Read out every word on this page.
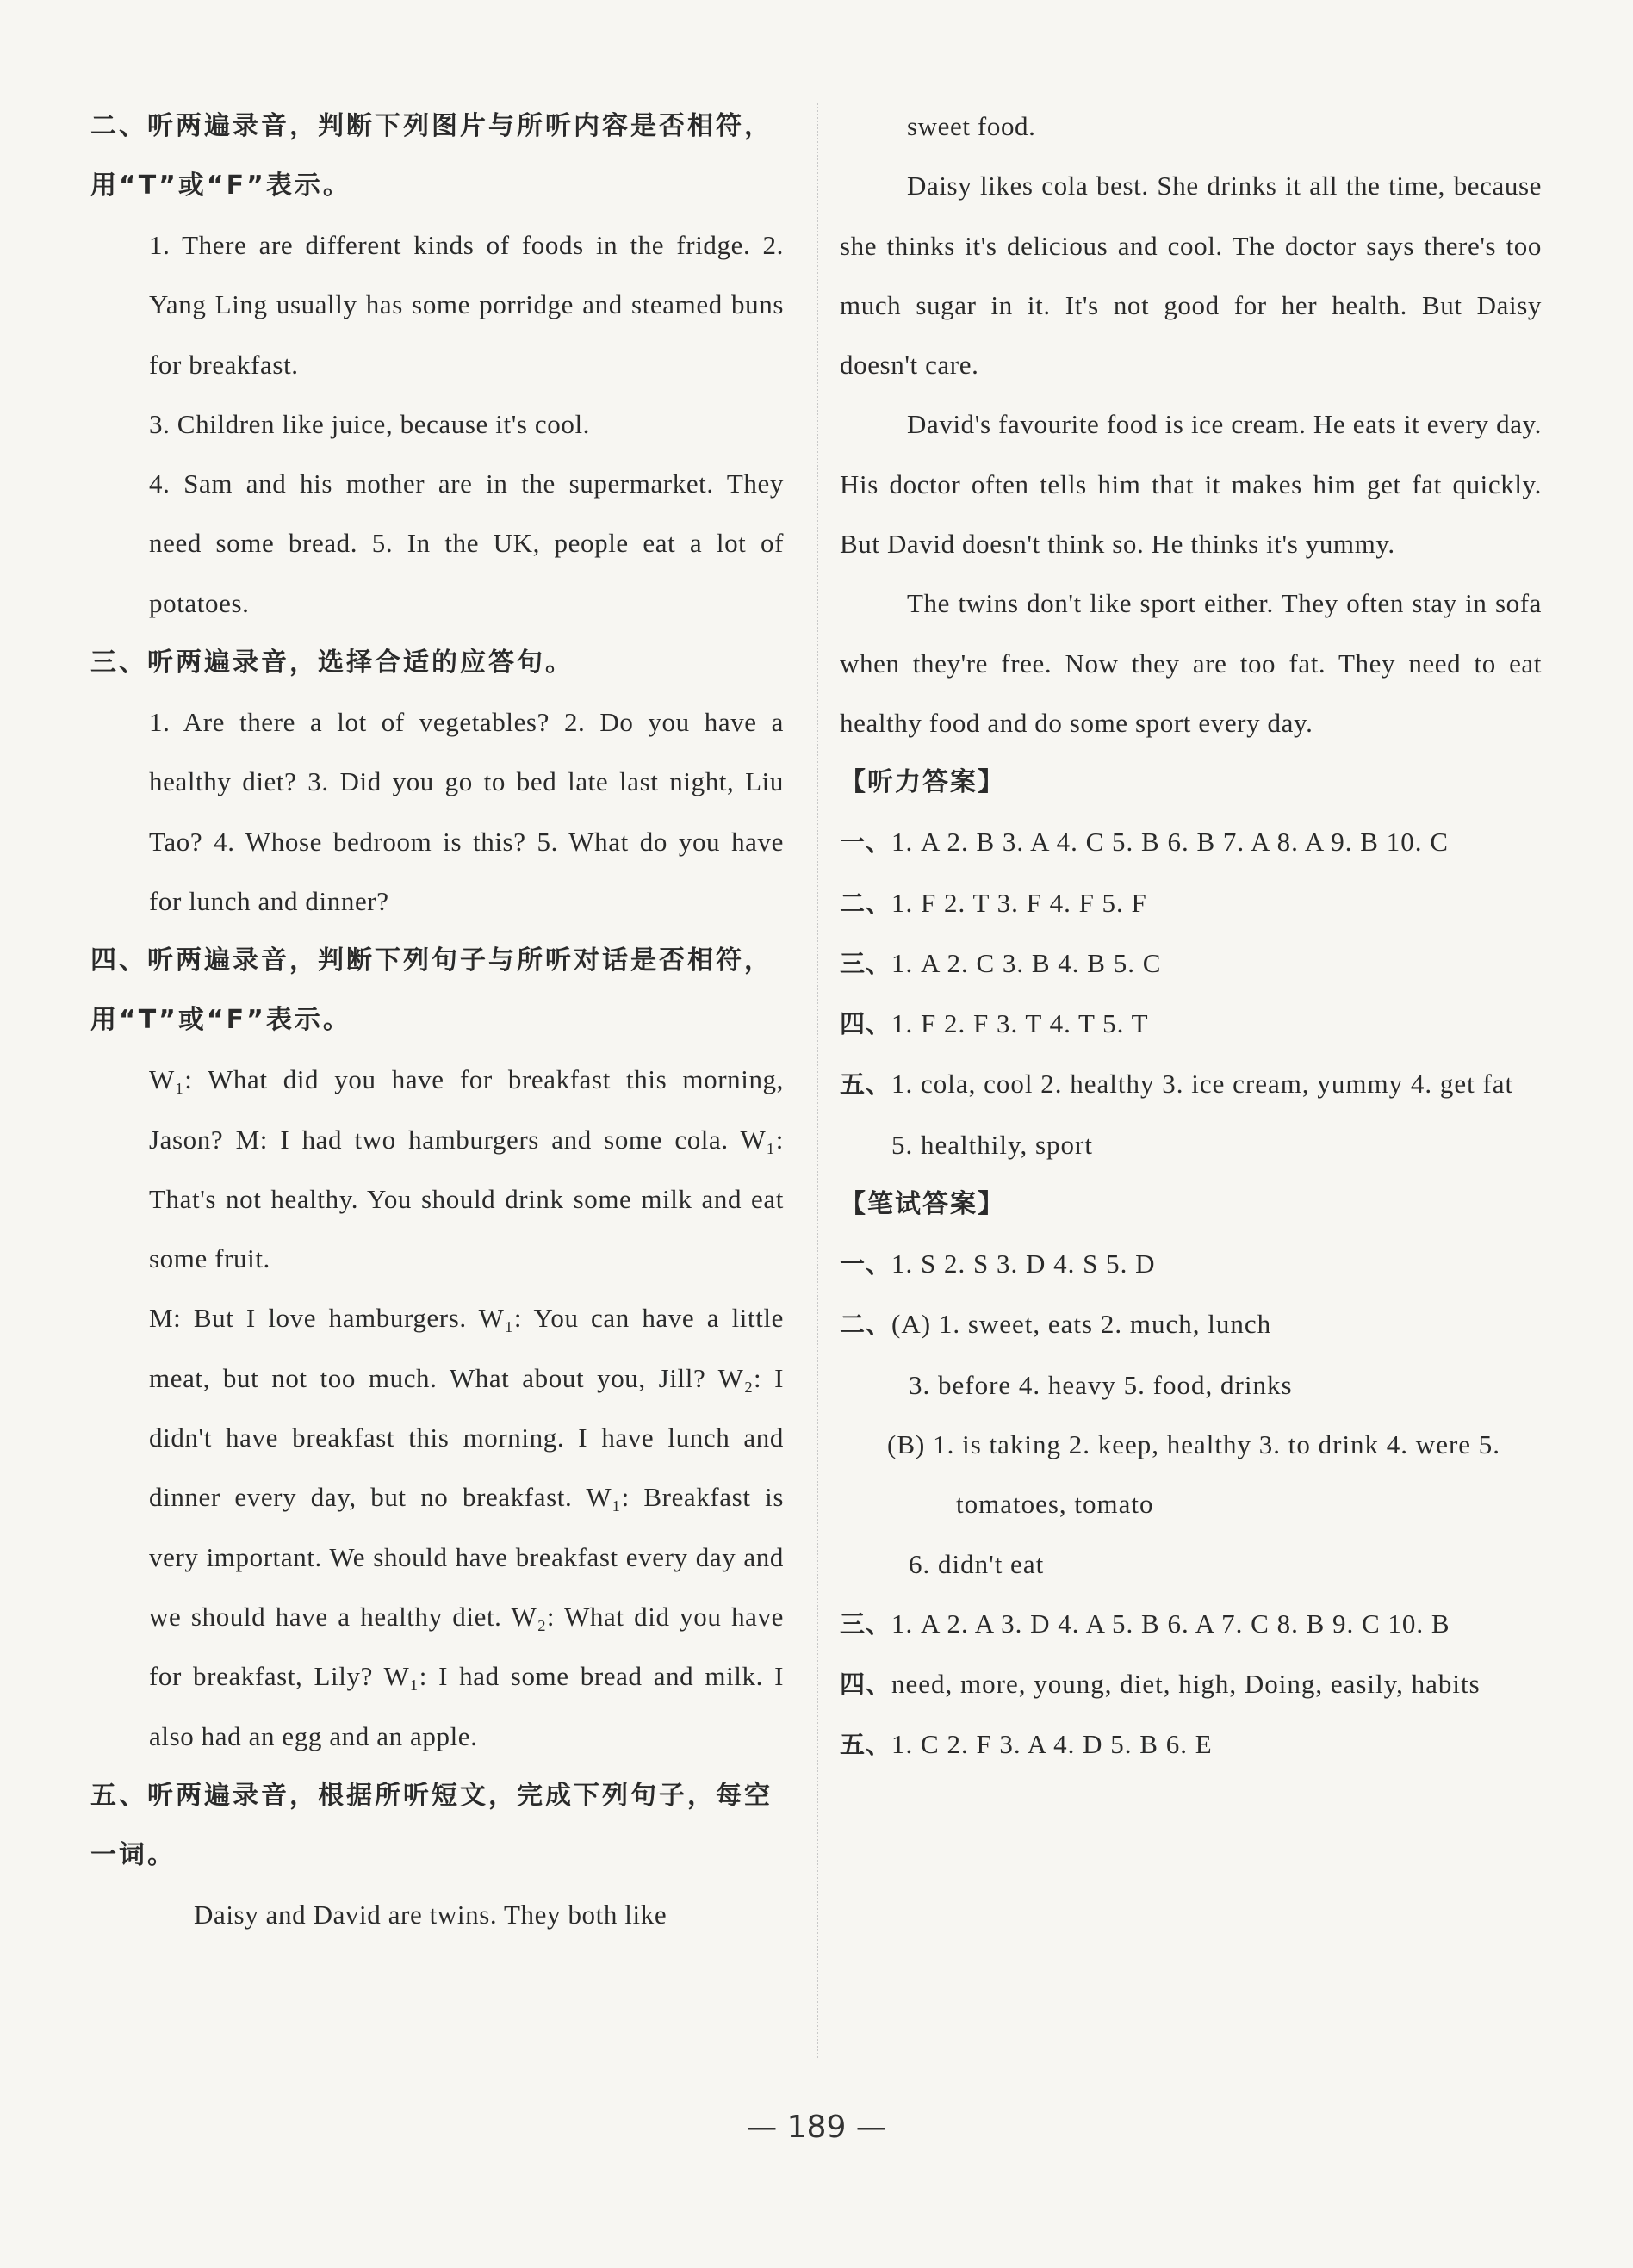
二、听两遍录音，判断下列图片与所听内容是否相符，用“T”或“F”表示。

1. There are different kinds of foods in the fridge. 2. Yang Ling usually has some porridge and steamed buns for breakfast.

3. Children like juice, because it's cool.

4. Sam and his mother are in the supermarket. They need some bread. 5. In the UK, people eat a lot of potatoes.

三、听两遍录音，选择合适的应答句。

1. Are there a lot of vegetables? 2. Do you have a healthy diet? 3. Did you go to bed late last night, Liu Tao? 4. Whose bedroom is this? 5. What do you have for lunch and dinner?

四、听两遍录音，判断下列句子与所听对话是否相符，用“T”或“F”表示。

W₁: What did you have for breakfast this morning, Jason? M: I had two hamburgers and some cola. W₁: That's not healthy. You should drink some milk and eat some fruit.

M: But I love hamburgers. W₁: You can have a little meat, but not too much. What about you, Jill? W₂: I didn't have breakfast this morning. I have lunch and dinner every day, but no breakfast. W₁: Breakfast is very important. We should have breakfast every day and we should have a healthy diet. W₂: What did you have for breakfast, Lily? W₁: I had some bread and milk. I also had an egg and an apple.

五、听两遍录音，根据所听短文，完成下列句子，每空一词。

Daisy and David are twins. They both like

sweet food.

Daisy likes cola best. She drinks it all the time, because she thinks it's delicious and cool. The doctor says there's too much sugar in it. It's not good for her health. But Daisy doesn't care.

David's favourite food is ice cream. He eats it every day. His doctor often tells him that it makes him get fat quickly. But David doesn't think so. He thinks it's yummy.

The twins don't like sport either. They often stay in sofa when they're free. Now they are too fat. They need to eat healthy food and do some sport every day.

【听力答案】

一、1. A 2. B 3. A 4. C 5. B 6. B 7. A 8. A 9. B 10. C

二、1. F 2. T 3. F 4. F 5. F

三、1. A 2. C 3. B 4. B 5. C

四、1. F 2. F 3. T 4. T 5. T

五、1. cola, cool 2. healthy 3. ice cream, yummy 4. get fat 5. healthily, sport

【笔试答案】

一、1. S 2. S 3. D 4. S 5. D

二、(A) 1. sweet, eats 2. much, lunch

3. before 4. heavy 5. food, drinks

(B) 1. is taking 2. keep, healthy 3. to drink 4. were 5. tomatoes, tomato

6. didn't eat

三、1. A 2. A 3. D 4. A 5. B 6. A 7. C 8. B 9. C 10. B

四、need, more, young, diet, high, Doing, easily, habits

五、1. C 2. F 3. A 4. D 5. B 6. E

— 189 —
